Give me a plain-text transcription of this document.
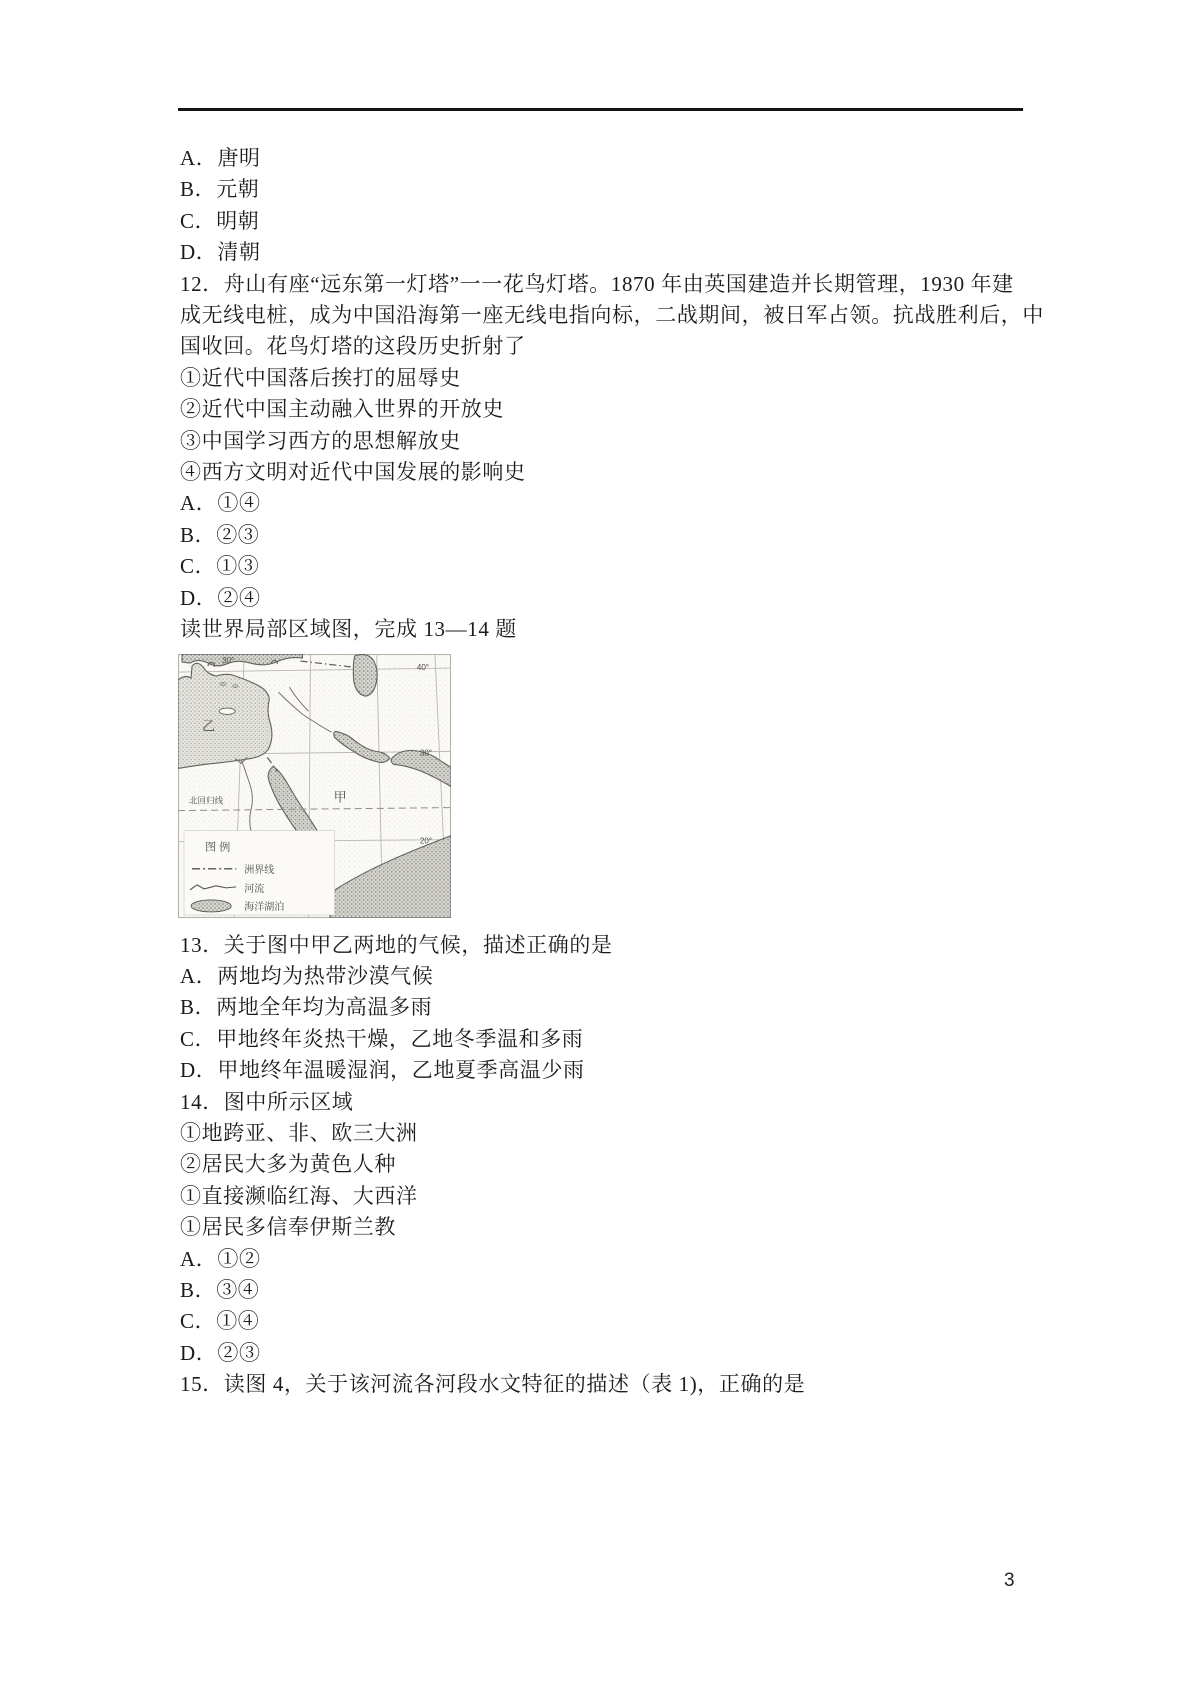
A．唐明

B．元朝

C．明朝

D．清朝

12．舟山有座“远东第一灯塔”一一花鸟灯塔。1870 年由英国建造并长期管理，1930 年建

成无线电桩，成为中国沿海第一座无线电指向标，二战期间，被日军占领。抗战胜利后，中

国收回。花鸟灯塔的这段历史折射了

①近代中国落后挨打的屈辱史

②近代中国主动融入世界的开放史

③中国学习西方的思想解放史

④西方文明对近代中国发展的影响史

A．①④

B．②③

C．①③

D．②④

读世界局部区域图，完成 13—14 题

乙
甲
北回归线
30°
40°
30°
20°
图 例
洲界线
河流
海洋湖泊

13．关于图中甲乙两地的气候，描述正确的是

A．两地均为热带沙漠气候

B．两地全年均为高温多雨

C．甲地终年炎热干燥，乙地冬季温和多雨

D．甲地终年温暖湿润，乙地夏季高温少雨

14．图中所示区域

①地跨亚、非、欧三大洲

②居民大多为黄色人种

①直接濒临红海、大西洋

①居民多信奉伊斯兰教

A．①②

B．③④

C．①④

D．②③

15．读图 4，关于该河流各河段水文特征的描述（表 1)，正确的是

3
